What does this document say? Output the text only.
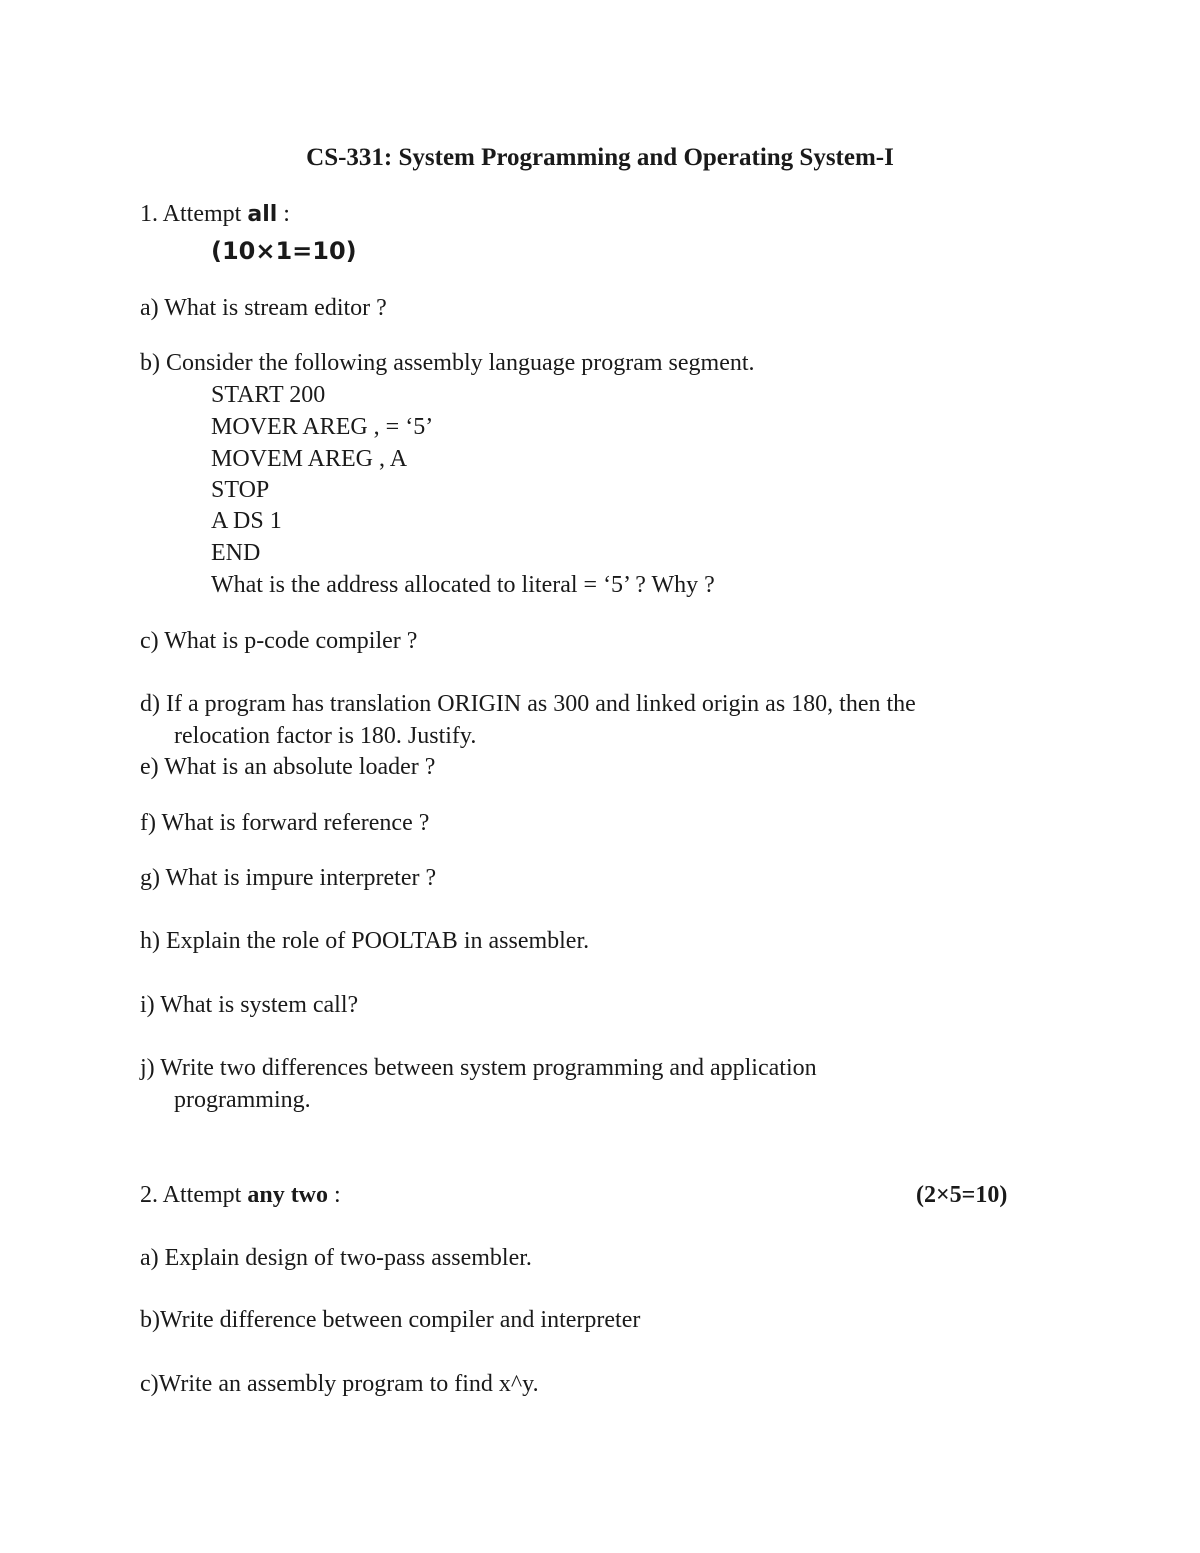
CS-331: System Programming and Operating System-I
1. Attempt all :
(10×1=10)
a) What is stream editor ?
b) Consider the following assembly language program segment.
START 200
MOVER AREG , = ‘5’
MOVEM AREG , A
STOP
A DS 1
END
What is the address allocated to literal = ‘5’ ? Why ?
c) What is p-code compiler ?
d) If a program has translation ORIGIN as 300 and linked origin as 180, then the
relocation factor is 180. Justify.
e) What is an absolute loader ?
f) What is forward reference ?
g) What is impure interpreter ?
h) Explain the role of POOLTAB in assembler.
i) What is system call?
j) Write two differences between system programming and application
programming.
2. Attempt any two :	(2×5=10)
a) Explain design of two-pass assembler.
b)Write difference between compiler and interpreter
c)Write an assembly program to find x^y.
